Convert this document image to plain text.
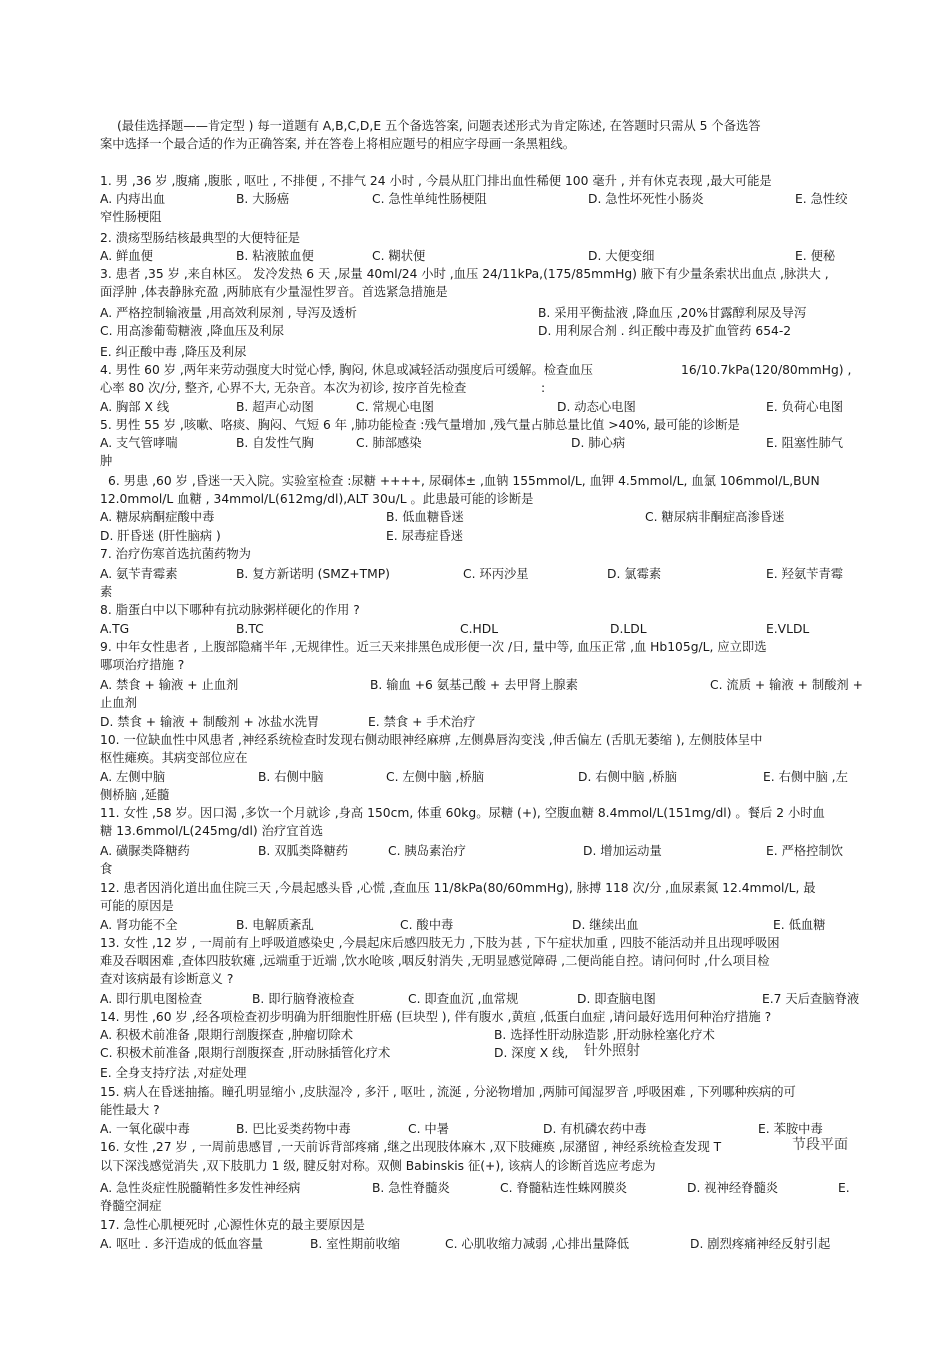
(最佳选择题——肯定型 ) 每一道题有 A,B,C,D,E 五个备选答案, 问题表述形式为肯定陈述, 在答题时只需从 5 个备选答
案中选择一个最合适的作为正确答案, 并在答卷上将相应题号的相应字母画一条黑粗线。
1. 男 ,36 岁 ,腹痛 ,腹胀 , 呕吐 , 不排便 , 不排气 24 小时 , 今晨从肛门排出血性稀便 100 毫升 , 并有休克表现 ,最大可能是
A. 内痔出血	B. 大肠癌	C. 急性单纯性肠梗阻	D. 急性坏死性小肠炎	E. 急性绞
窄性肠梗阻
2. 溃疡型肠结核最典型的大便特征是
A. 鲜血便	B. 粘液脓血便	C. 糊状便	D. 大便变细	E. 便秘
3. 患者 ,35 岁 ,来自林区。 发冷发热 6 天 ,尿量 40ml/24 小时 ,血压 24/11kPa,(175/85mmHg) 腋下有少量条索状出血点 ,脉洪大 ,
面浮肿 ,体表静脉充盈 ,两肺底有少量湿性罗音。首选紧急措施是
A. 严格控制输液量 ,用高效利尿剂 , 导泻及透析	B. 采用平衡盐液 ,降血压 ,20%甘露醇利尿及导泻
C. 用高渗葡萄糖液 ,降血压及利尿	D. 用利尿合剂 . 纠正酸中毒及扩血管药 654-2
E. 纠正酸中毒 ,降压及利尿
4. 男性 60 岁 ,两年来劳动强度大时觉心悸, 胸闷, 休息或减轻活动强度后可缓解。检查血压	16/10.7kPa(120/80mmHg) ,
心率 80 次/分, 整齐, 心界不大, 无杂音。本次为初诊, 按序首先检查	:
A. 胸部 X 线	B. 超声心动图	C. 常规心电图	D. 动态心电图	E. 负荷心电图
5. 男性 55 岁 ,咳嗽、咯痰、胸闷、气短 6 年 ,肺功能检查 :残气量增加 ,残气量占肺总量比值 >40%, 最可能的诊断是
A. 支气管哮喘	B. 自发性气胸	C. 肺部感染	D. 肺心病	E. 阻塞性肺气
肿
6. 男患 ,60 岁 ,昏迷一天入院。实验室检查 :尿糖 ++++, 尿硐体± ,血钠 155mmol/L, 血钾 4.5mmol/L, 血氯 106mmol/L,BUN
12.0mmol/L 血糖 , 34mmol/L(612mg/dl),ALT 30u/L 。此患最可能的诊断是
A. 糖尿病酮症酸中毒	B. 低血糖昏迷	C. 糖尿病非酮症高渗昏迷
D. 肝昏迷 (肝性脑病 )	E. 尿毒症昏迷
7. 治疗伤寒首选抗菌药物为
A. 氨苄青霉素	B. 复方新诺明 (SMZ+TMP)	C. 环丙沙星	D. 氯霉素	E. 羟氨苄青霉
素
8. 脂蛋白中以下哪种有抗动脉粥样硬化的作用 ?
A.TG	B.TC	C.HDL	D.LDL	E.VLDL
9. 中年女性患者 , 上腹部隐痛半年 ,无规律性。近三天来排黑色成形便一次 /日, 量中等, 血压正常 ,血 Hb105g/L, 应立即选
哪项治疗措施 ?
A. 禁食 + 输液 + 止血剂	B. 输血 +6 氨基己酸 + 去甲肾上腺素	C. 流质 + 输液 + 制酸剂 +
止血剂
D. 禁食 + 输液 + 制酸剂 + 冰盐水洗胃	E. 禁食 + 手术治疗
10. 一位缺血性中风患者 ,神经系统检查时发现右侧动眼神经麻痹 ,左侧鼻唇沟变浅 ,伸舌偏左 (舌肌无萎缩 ), 左侧肢体呈中
枢性瘫痪。其病变部位应在
A. 左侧中脑	B. 右侧中脑	C. 左侧中脑 ,桥脑	D. 右侧中脑 ,桥脑	E. 右侧中脑 ,左
侧桥脑 ,延髓
11. 女性 ,58 岁。因口渴 ,多饮一个月就诊 ,身高 150cm, 体重 60kg。尿糖 (+), 空腹血糖 8.4mmol/L(151mg/dl) 。餐后 2 小时血
糖 13.6mmol/L(245mg/dl) 治疗宜首选
A. 磺脲类降糖药	B. 双胍类降糖药	C. 胰岛素治疗	D. 增加运动量	E. 严格控制饮
食
12. 患者因消化道出血住院三天 ,今晨起感头昏 ,心慌 ,查血压 11/8kPa(80/60mmHg), 脉搏 118 次/分 ,血尿素氮 12.4mmol/L, 最
可能的原因是
A. 肾功能不全	B. 电解质紊乱	C. 酸中毒	D. 继续出血	E. 低血糖
13. 女性 ,12 岁 , 一周前有上呼吸道感染史 ,今晨起床后感四肢无力 ,下肢为甚 , 下午症状加重 , 四肢不能活动并且出现呼吸困
难及吞咽困难 ,查体四肢软瘫 ,远端重于近端 ,饮水呛咳 ,咽反射消失 ,无明显感觉障碍 ,二便尚能自控。请问何时 ,什么项目检
查对该病最有诊断意义 ?
A. 即行肌电图检查	B. 即行脑脊液检查	C. 即查血沉 ,血常规	D. 即查脑电图	E.7 天后查脑脊液
14. 男性 ,60 岁 ,经各项检查初步明确为肝细胞性肝癌 (巨块型 ), 伴有腹水 ,黄疸 ,低蛋白血症 ,请问最好选用何种治疗措施 ?
A. 积极术前准备 ,限期行剖腹探查 ,肿瘤切除术	B. 选择性肝动脉造影 ,肝动脉栓塞化疗术
C. 积极术前准备 ,限期行剖腹探查 ,肝动脉插管化疗术	D. 深度 X 线,
E. 全身支持疗法 ,对症处理
15. 病人在昏迷抽搐。瞳孔明显缩小 ,皮肤湿冷 , 多汗 , 呕吐 , 流涎 , 分泌物增加 ,两肺可闻湿罗音 ,呼吸困难 , 下列哪种疾病的可
能性最大 ?
A. 一氧化碳中毒	B. 巴比妥类药物中毒	C. 中暑	D. 有机磷农药中毒	E. 苯胺中毒
16. 女性 ,27 岁 , 一周前患感冒 ,一天前诉背部疼痛 ,继之出现肢体麻木 ,双下肢瘫痪 ,尿潴留 , 神经系统检查发现 T
以下深浅感觉消失 ,双下肢肌力 1 级, 腱反射对称。双侧 Babinskis 征(+), 该病人的诊断首选应考虑为
A. 急性炎症性脱髓鞘性多发性神经病	B. 急性脊髓炎	C. 脊髓粘连性蛛网膜炎	D. 视神经脊髓炎	E.
脊髓空洞症
17. 急性心肌梗死时 ,心源性休克的最主要原因是
A. 呕吐 . 多汗造成的低血容量	B. 室性期前收缩	C. 心肌收缩力减弱 ,心排出量降低	D. 剧烈疼痛神经反射引起
针外照射
节段平面
